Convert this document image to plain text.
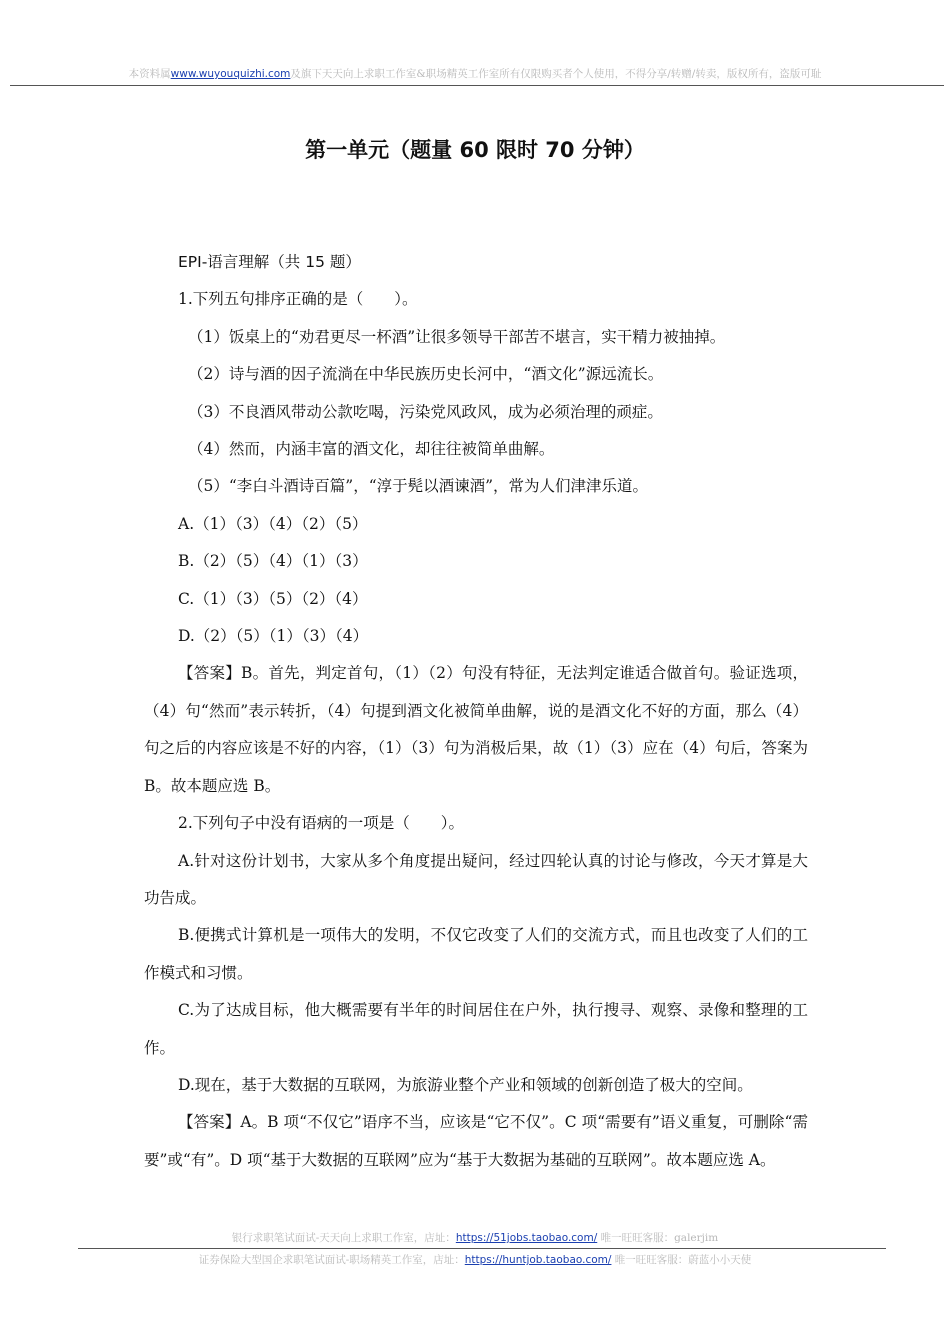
本资料属www.wuyouquizhi.com及旗下天天向上求职工作室&职场精英工作室所有仅限购买者个人使用，不得分享/转赠/转卖，版权所有，盗版可耻
第一单元（题量 60 限时 70 分钟）

EPI-语言理解（共 15 题）

1.下列五句排序正确的是（　　）。

（1）饭桌上的“劝君更尽一杯酒”让很多领导干部苦不堪言，实干精力被抽掉。

（2）诗与酒的因子流淌在中华民族历史长河中，“酒文化”源远流长。

（3）不良酒风带动公款吃喝，污染党风政风，成为必须治理的顽症。

（4）然而，内涵丰富的酒文化，却往往被简单曲解。

（5）“李白斗酒诗百篇”，“淳于髡以酒谏酒”，常为人们津津乐道。

A.（1）（3）（4）（2）（5）

B.（2）（5）（4）（1）（3）

C.（1）（3）（5）（2）（4）

D.（2）（5）（1）（3）（4）

【答案】B。首先，判定首句，（1）（2）句没有特征，无法判定谁适合做首句。验证选项，（4）句“然而”表示转折，（4）句提到酒文化被简单曲解，说的是酒文化不好的方面，那么（4）句之后的内容应该是不好的内容，（1）（3）句为消极后果，故（1）（3）应在（4）句后，答案为 B。故本题应选 B。

2.下列句子中没有语病的一项是（　　）。

A.针对这份计划书，大家从多个角度提出疑问，经过四轮认真的讨论与修改，今天才算是大功告成。

B.便携式计算机是一项伟大的发明，不仅它改变了人们的交流方式，而且也改变了人们的工作模式和习惯。

C.为了达成目标，他大概需要有半年的时间居住在户外，执行搜寻、观察、录像和整理的工作。

D.现在，基于大数据的互联网，为旅游业整个产业和领域的创新创造了极大的空间。

【答案】A。B 项“不仅它”语序不当，应该是“它不仅”。C 项“需要有”语义重复，可删除“需要”或“有”。D 项“基于大数据的互联网”应为“基于大数据为基础的互联网”。故本题应选 A。

银行求职笔试面试-天天向上求职工作室，店址：https://51jobs.taobao.com/ 唯一旺旺客服：galerjim
证券保险大型国企求职笔试面试-职场精英工作室，店址：https://huntjob.taobao.com/ 唯一旺旺客服：蔚蓝小小天使
